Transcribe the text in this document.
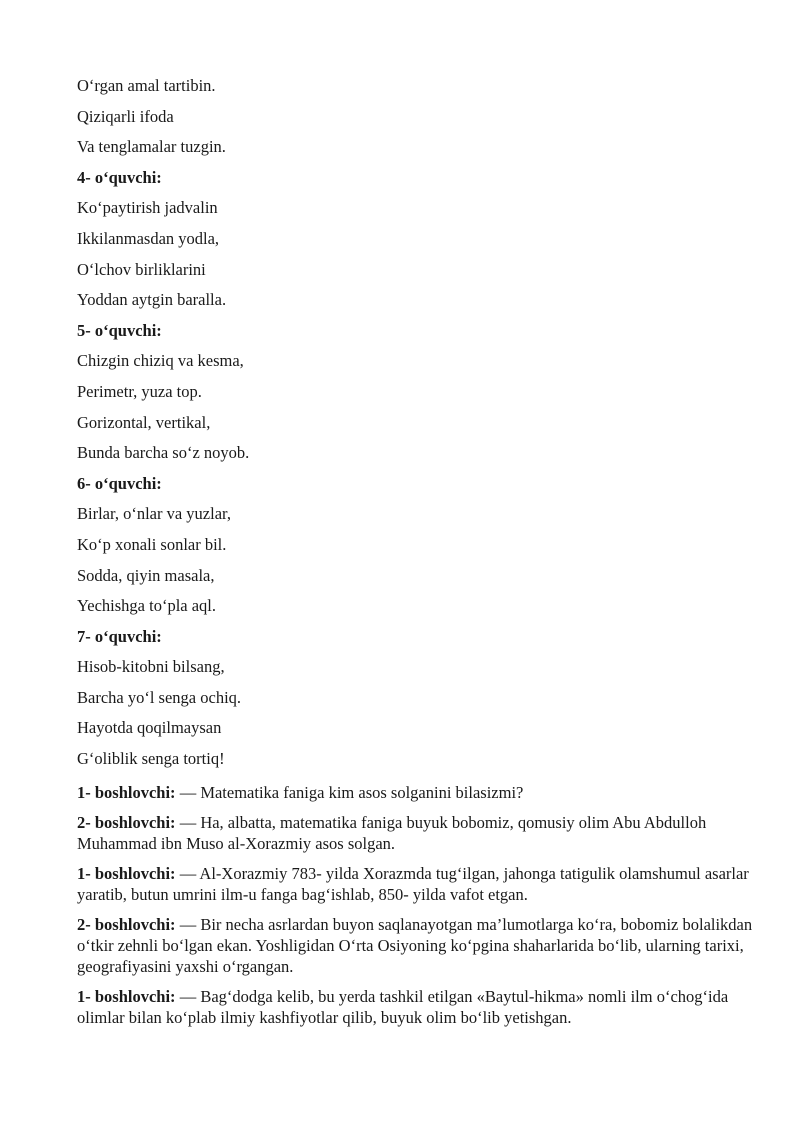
O‘rgan amal tartibin.

Qiziqarli ifoda

Va tenglamalar tuzgin.

4- o‘quvchi:

Ko‘paytirish jadvalin

Ikkilanmasdan yodla,

O‘lchov birliklarini

Yoddan aytgin baralla.

5- o‘quvchi:

Chizgin chiziq va kesma,

Perimetr, yuza top.

Gorizontal, vertikal,

Bunda barcha so‘z noyob.

6- o‘quvchi:

Birlar, o‘nlar va yuzlar,

Ko‘p xonali sonlar bil.

Sodda, qiyin masala,

Yechishga to‘pla aql.

7- o‘quvchi:

Hisob-kitobni bilsang,

Barcha yo‘l senga ochiq.

Hayotda qoqilmaysan

G‘oliblik senga tortiq!

1- boshlovchi: — Matematika faniga kim asos solganini bilasizmi?

2- boshlovchi: — Ha, albatta, matematika faniga buyuk bobomiz, qomusiy olim Abu Abdulloh Muhammad ibn Muso al-Xorazmiy asos solgan.

1- boshlovchi: — Al-Xorazmiy 783- yilda Xorazmda tug‘ilgan, jahonga tatigulik olamshumul asarlar yaratib, butun umrini ilm-u fanga bag‘ishlab, 850- yilda vafot etgan.

2- boshlovchi: — Bir necha asrlardan buyon saqlanayotgan ma’lumotlarga ko‘ra, bobomiz bolalikdan o‘tkir zehnli bo‘lgan ekan. Yoshligidan O‘rta Osiyoning ko‘pgina shaharlarida bo‘lib, ularning tarixi, geografiyasini yaxshi o‘rgangan.

1- boshlovchi: — Bag‘dodga kelib, bu yerda tashkil etilgan «Baytul-hikma» nomli ilm o‘chog‘ida olimlar bilan ko‘plab ilmiy kashfiyotlar qilib, buyuk olim bo‘lib yetishgan.
